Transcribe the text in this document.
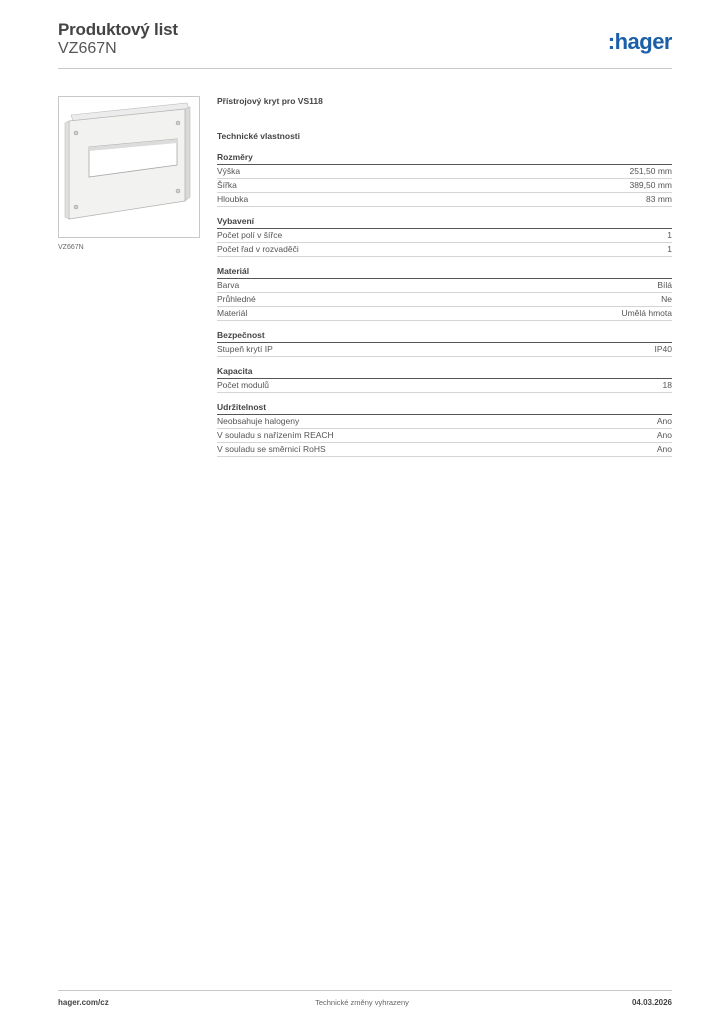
Produktový list
VZ667N	:hager
VZ667N
Přístrojový kryt pro VS118
Technické vlastnosti
Rozměry
Výška	251,50 mm
Šířka	389,50 mm
Hloubka	83 mm
Vybavení
Počet polí v šířce	1
Počet řad v rozvaděči	1
Materiál
Barva	Bílá
Průhledné	Ne
Materiál	Umělá hmota
Bezpečnost
Stupeň krytí IP	IP40
Kapacita
Počet modulů	18
Udržitelnost
Neobsahuje halogeny	Ano
V souladu s nařízením REACH	Ano
V souladu se směrnicí RoHS	Ano
hager.com/cz	Technické změny vyhrazeny	04.03.2026
